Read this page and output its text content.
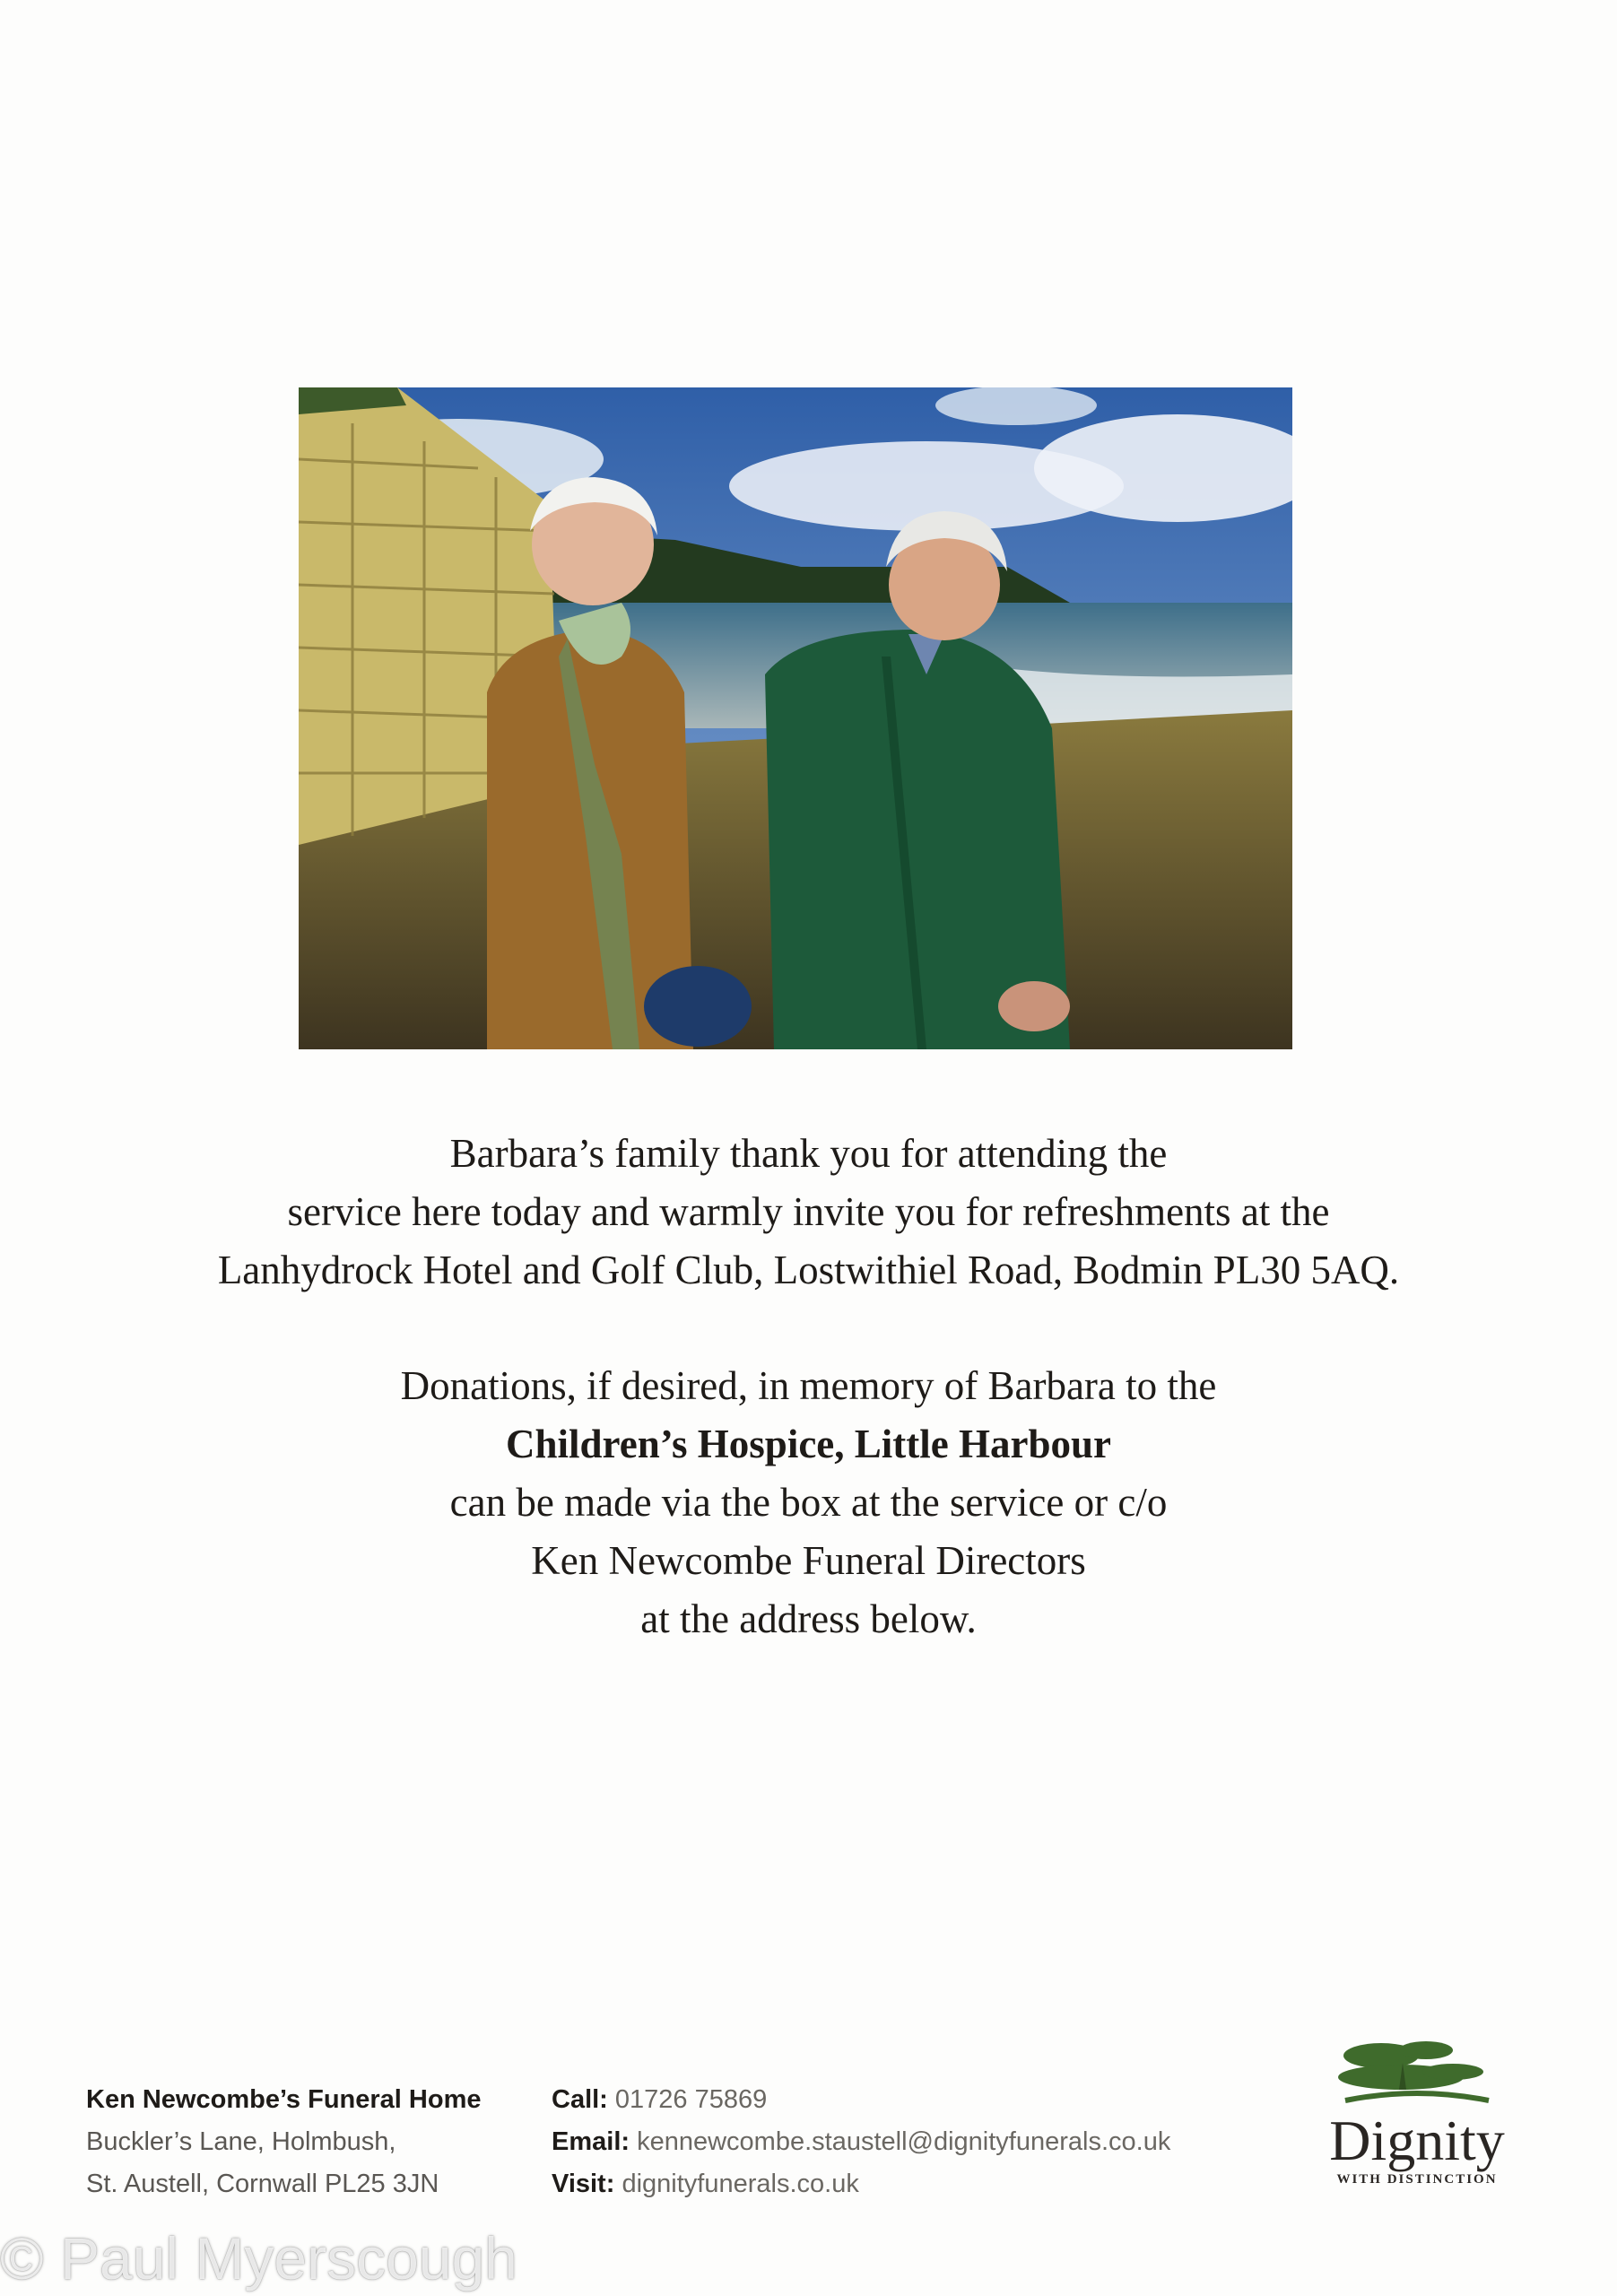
Barbara’s family thank you for attending the
service here today and warmly invite you for refreshments at the
Lanhydrock Hotel and Golf Club, Lostwithiel Road, Bodmin PL30 5AQ.
Donations, if desired, in memory of Barbara to the
Children’s Hospice, Little Harbour
can be made via the box at the service or c/o
Ken Newcombe Funeral Directors
at the address below.
Ken Newcombe’s Funeral Home
Buckler’s Lane, Holmbush,
St. Austell, Cornwall PL25 3JN
Call: 01726 75869
Email: kennewcombe.staustell@dignityfunerals.co.uk
Visit: dignityfunerals.co.uk
Dignity
WITH DISTINCTION
© Paul Myerscough
